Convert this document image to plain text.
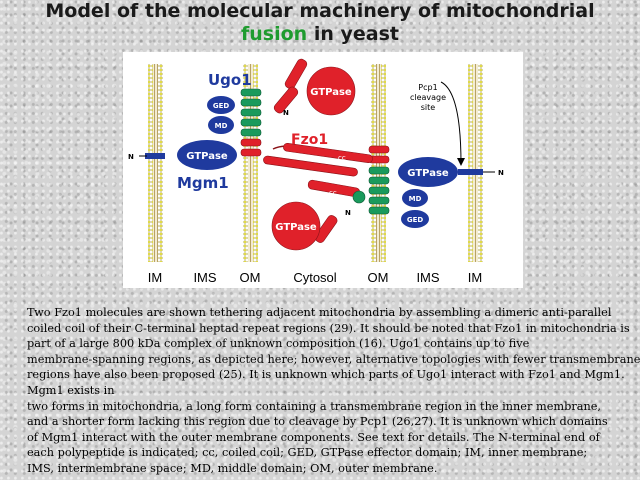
Model of the molecular machinery of mitochondrial
fusion in yeast
GTPase
cc
N
cc
Fzo1
GTPase
cc
N
Ugo1
GED
MD
GTPase
Mgm1
N
Pcp1
cleavage
site
GTPase
MD
GED
N
IM IMS OM	Cytosol OM IMS IM
Two Fzo1 molecules are shown tethering adjacent mitochondria by assembling a dimeric anti-parallel
coiled coil of their C-terminal heptad repeat regions (29). It should be noted that Fzo1 in mitochondria is
part of a large 800 kDa complex of unknown composition (16). Ugo1 contains up to five
membrane-spanning regions, as depicted here; however, alternative topologies with fewer transmembrane
regions have also been proposed (25). It is unknown which parts of Ugo1 interact with Fzo1 and Mgm1.
Mgm1 exists in
two forms in mitochondria, a long form containing a transmembrane region in the inner membrane,
and a shorter form lacking this region due to cleavage by Pcp1 (26,27). It is unknown which domains
of Mgm1 interact with the outer membrane components. See text for details. The N-terminal end of
each polypeptide is indicated; cc, coiled coil; GED, GTPase effector domain; IM, inner membrane;
IMS, intermembrane space; MD, middle domain; OM, outer membrane.
